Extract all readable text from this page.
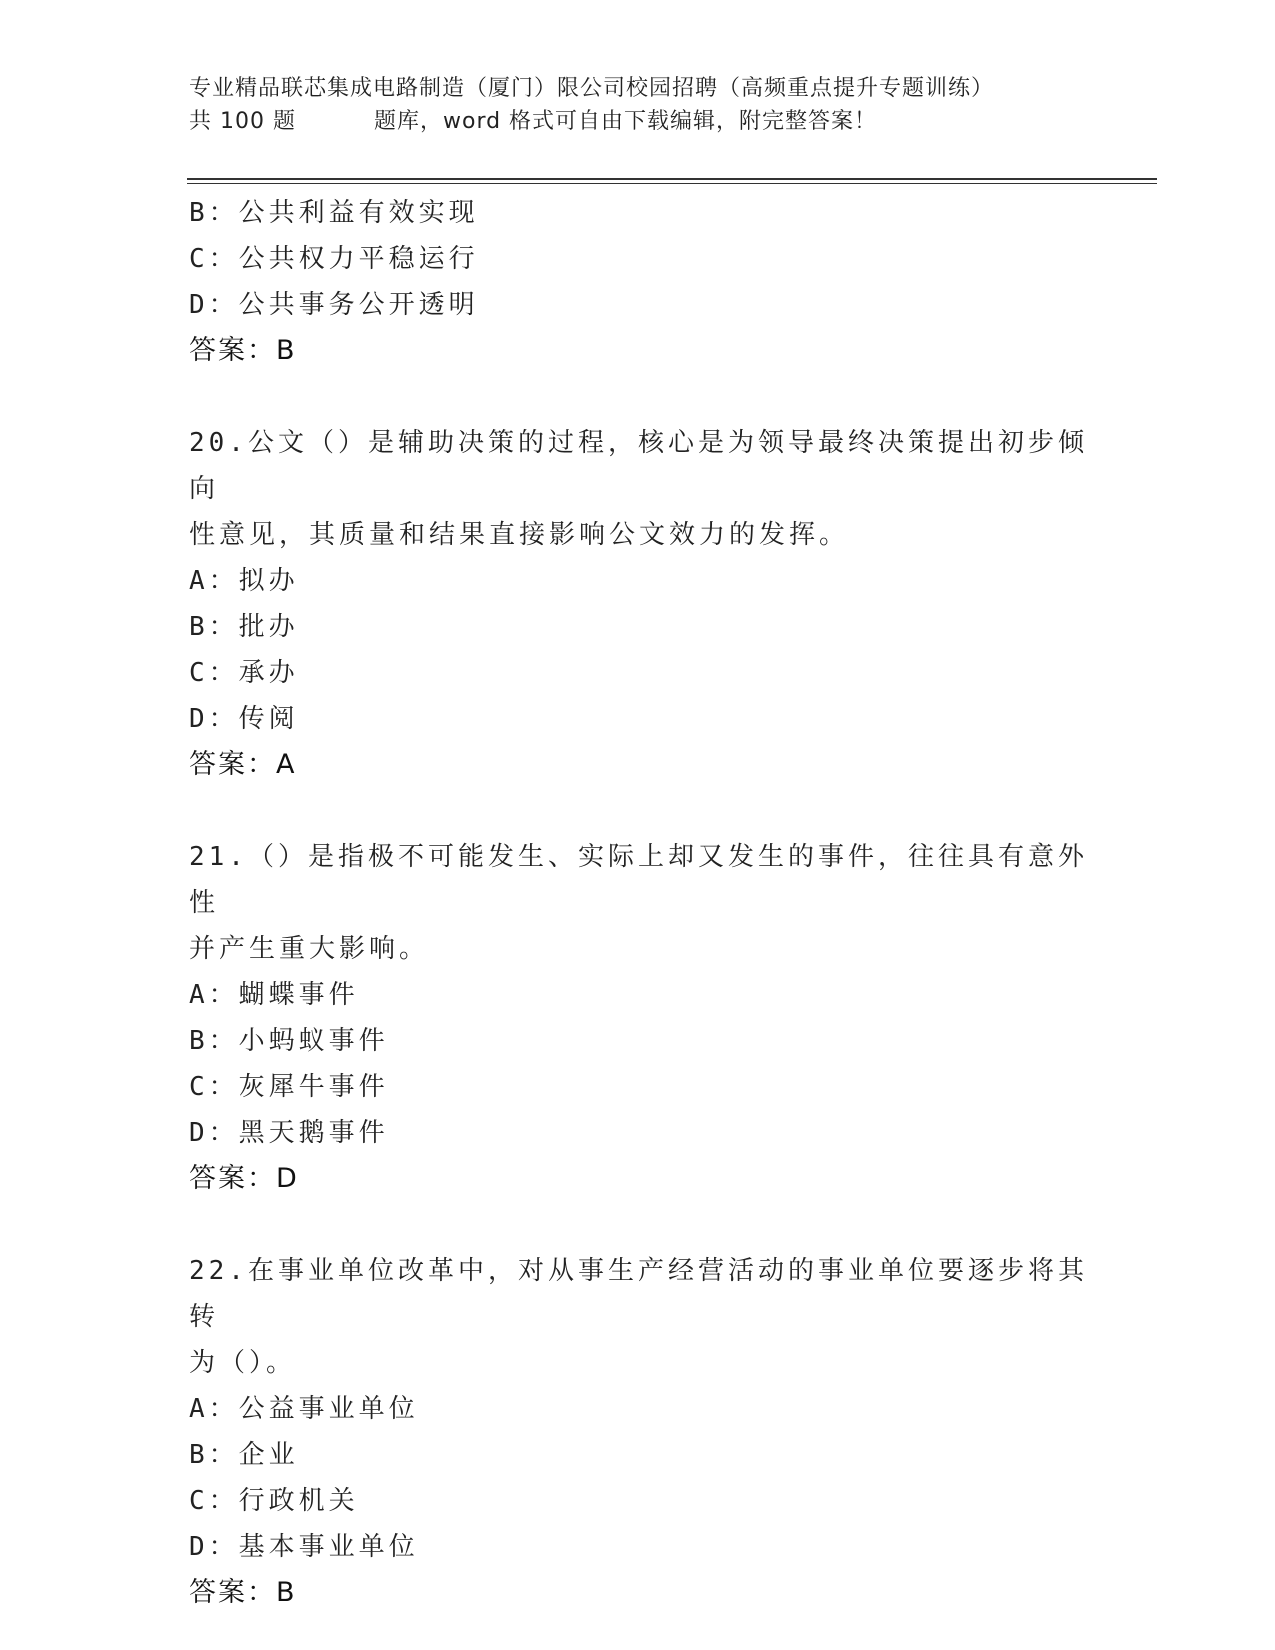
专业精品联芯集成电路制造（厦门）限公司校园招聘（高频重点提升专题训练）
共 100 题	题库，word 格式可自由下载编辑，附完整答案！

B：公共利益有效实现

C：公共权力平稳运行

D：公共事务公开透明

答案：B

20.公文（）是辅助决策的过程，核心是为领导最终决策提出初步倾向

性意见，其质量和结果直接影响公文效力的发挥。

A：拟办

B：批办

C：承办

D：传阅

答案：A

21.（）是指极不可能发生、实际上却又发生的事件，往往具有意外性

并产生重大影响。

A：蝴蝶事件

B：小蚂蚁事件

C：灰犀牛事件

D：黑天鹅事件

答案：D

22.在事业单位改革中，对从事生产经营活动的事业单位要逐步将其转

为（）。

A：公益事业单位

B：企业

C：行政机关

D：基本事业单位

答案：B
